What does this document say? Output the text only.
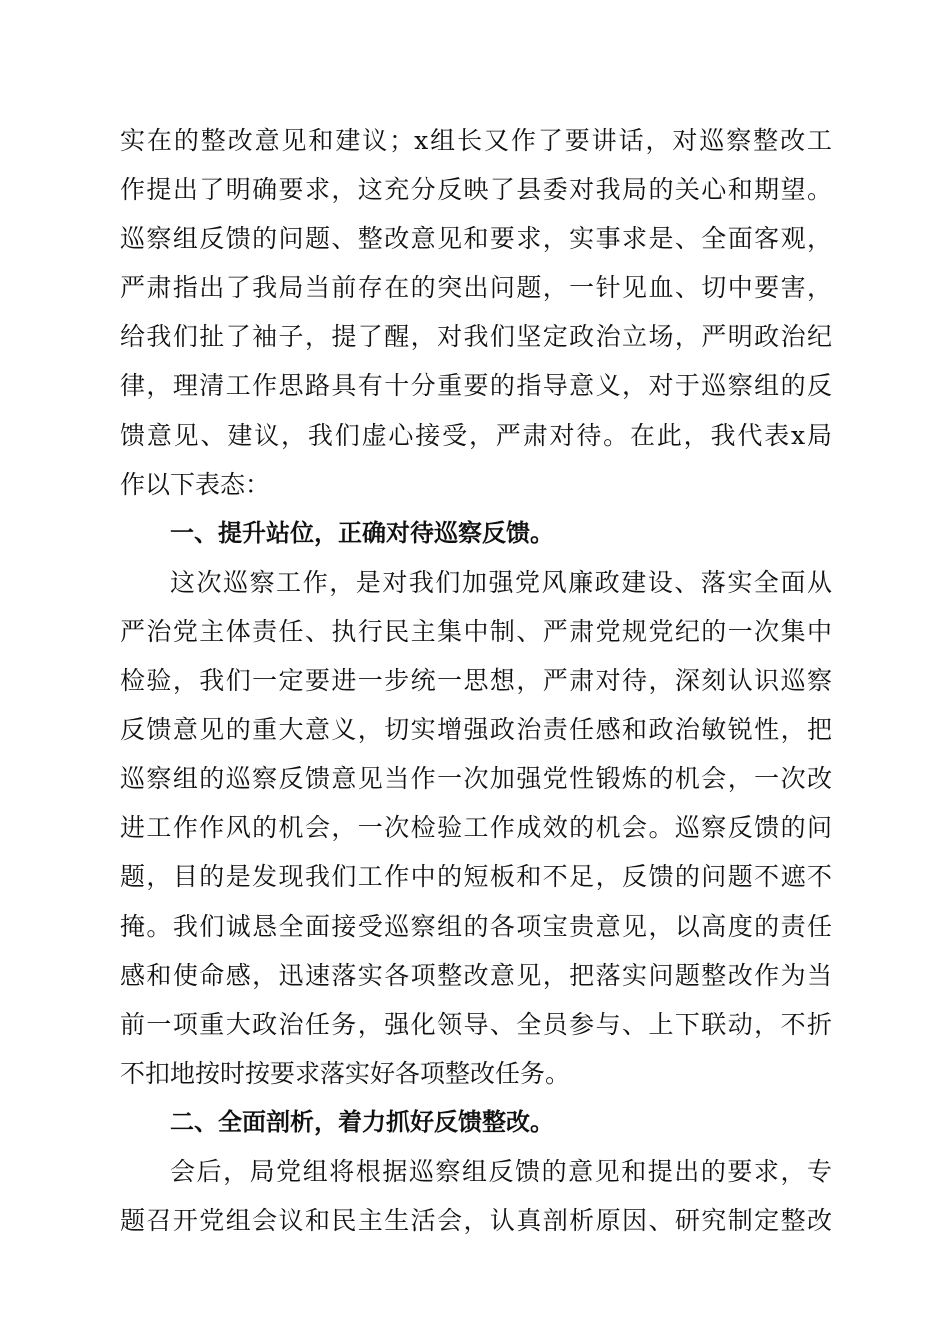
实在的整改意见和建议；x组长又作了要讲话，对巡察整改工
作提出了明确要求，这充分反映了县委对我局的关心和期望。
巡察组反馈的问题、整改意见和要求，实事求是、全面客观，
严肃指出了我局当前存在的突出问题，一针见血、切中要害，
给我们扯了袖子，提了醒，对我们坚定政治立场，严明政治纪
律，理清工作思路具有十分重要的指导意义，对于巡察组的反
馈意见、建议，我们虚心接受，严肃对待。在此，我代表x局
作以下表态：
一、提升站位，正确对待巡察反馈。
这次巡察工作，是对我们加强党风廉政建设、落实全面从
严治党主体责任、执行民主集中制、严肃党规党纪的一次集中
检验，我们一定要进一步统一思想，严肃对待，深刻认识巡察
反馈意见的重大意义，切实增强政治责任感和政治敏锐性，把
巡察组的巡察反馈意见当作一次加强党性锻炼的机会，一次改
进工作作风的机会，一次检验工作成效的机会。巡察反馈的问
题，目的是发现我们工作中的短板和不足，反馈的问题不遮不
掩。我们诚恳全面接受巡察组的各项宝贵意见，以高度的责任
感和使命感，迅速落实各项整改意见，把落实问题整改作为当
前一项重大政治任务，强化领导、全员参与、上下联动，不折
不扣地按时按要求落实好各项整改任务。
二、全面剖析，着力抓好反馈整改。
会后，局党组将根据巡察组反馈的意见和提出的要求，专
题召开党组会议和民主生活会，认真剖析原因、研究制定整改
